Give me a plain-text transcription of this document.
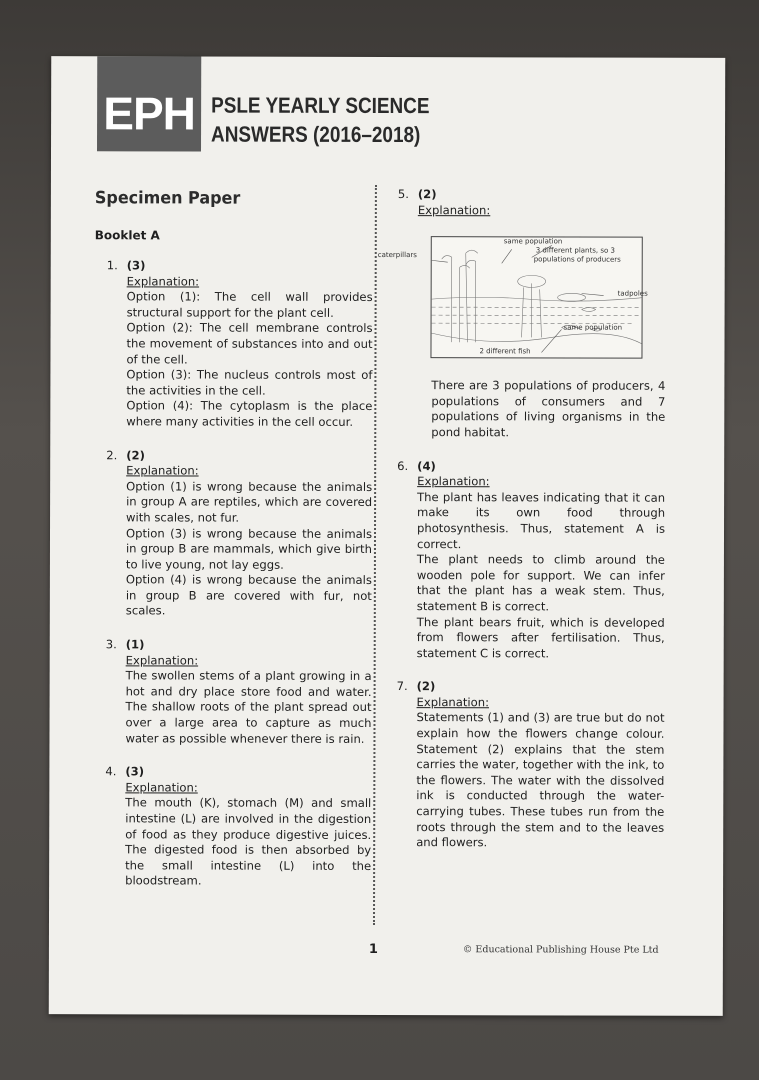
EPH PSLE YEARLY SCIENCE
ANSWERS (2016–2018)
Specimen Paper
Booklet A
1. (3)
Explanation:
Option (1): The cell wall provides structural support for the plant cell.
Option (2): The cell membrane controls the movement of substances into and out of the cell.
Option (3): The nucleus controls most of the activities in the cell.
Option (4): The cytoplasm is the place where many activities in the cell occur.
2. (2)
Explanation:
Option (1) is wrong because the animals in group A are reptiles, which are covered with scales, not fur.
Option (3) is wrong because the animals in group B are mammals, which give birth to live young, not lay eggs.
Option (4) is wrong because the animals in group B are covered with fur, not scales.
3. (1)
Explanation:
The swollen stems of a plant growing in a hot and dry place store food and water. The shallow roots of the plant spread out over a large area to capture as much water as possible whenever there is rain.
4. (3)
Explanation:
The mouth (K), stomach (M) and small intestine (L) are involved in the digestion of food as they produce digestive juices. The digested food is then absorbed by the small intestine (L) into the bloodstream.
5. (2)
Explanation:
caterpillars
same population
3 different plants, so 3
populations of producers
tadpoles
same population
2 different fish
There are 3 populations of producers, 4 populations of consumers and 7 populations of living organisms in the pond habitat.
6. (4)
Explanation:
The plant has leaves indicating that it can make its own food through photosynthesis. Thus, statement A is correct.
The plant needs to climb around the wooden pole for support. We can infer that the plant has a weak stem. Thus, statement B is correct.
The plant bears fruit, which is developed from flowers after fertilisation. Thus, statement C is correct.
7. (2)
Explanation:
Statements (1) and (3) are true but do not explain how the flowers change colour. Statement (2) explains that the stem carries the water, together with the ink, to the flowers. The water with the dissolved ink is conducted through the water-carrying tubes. These tubes run from the roots through the stem and to the leaves and flowers.
1	© Educational Publishing House Pte Ltd
